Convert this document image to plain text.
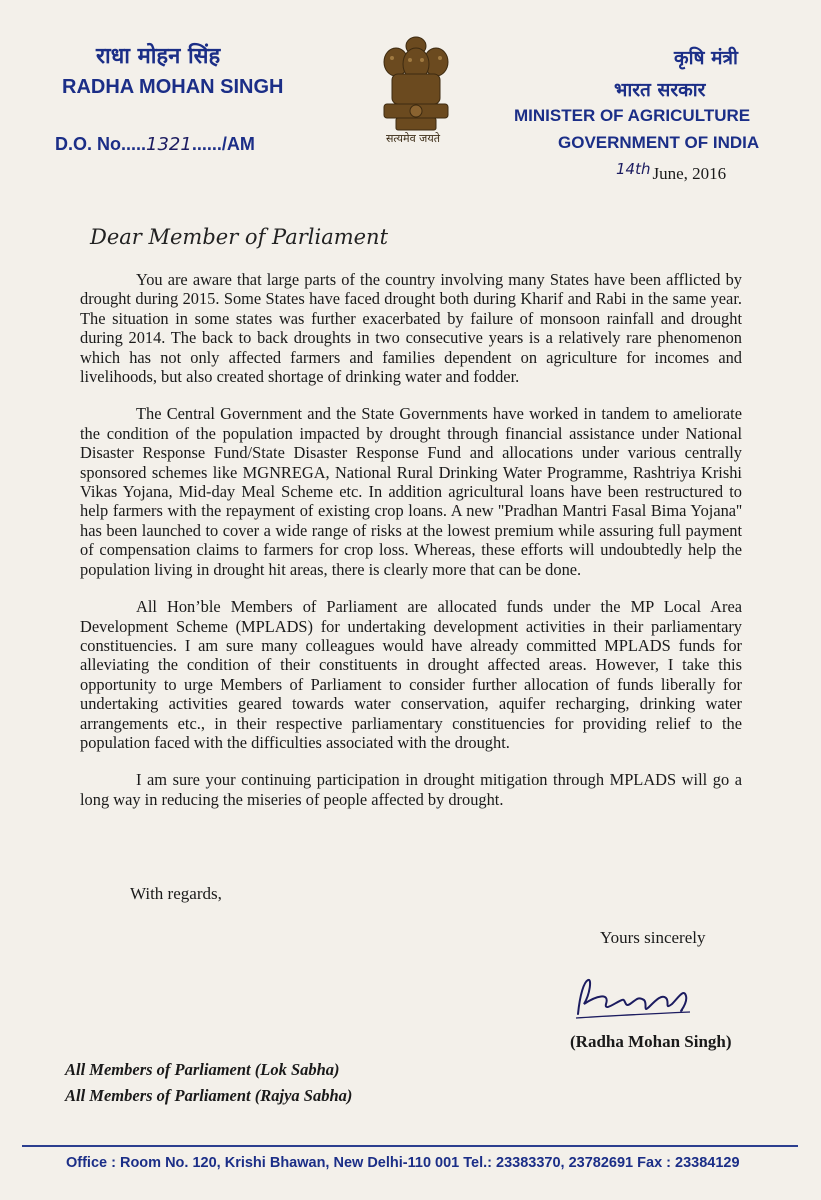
राधा मोहन सिंह
RADHA MOHAN SINGH
D.O. No.....1321....../AM	सत्यमेव जयते
कृषि मंत्री
भारत सरकार
MINISTER OF AGRICULTURE
GOVERNMENT OF INDIA
14th June, 2016
Dear Member of Parliament

You are aware that large parts of the country involving many States have been afflicted by drought during 2015. Some States have faced drought both during Kharif and Rabi in the same year. The situation in some states was further exacerbated by failure of monsoon rainfall and drought during 2014. The back to back droughts in two consecutive years is a relatively rare phenomenon which has not only affected farmers and families dependent on agriculture for incomes and livelihoods, but also created shortage of drinking water and fodder.

The Central Government and the State Governments have worked in tandem to ameliorate the condition of the population impacted by drought through financial assistance under National Disaster Response Fund/State Disaster Response Fund and allocations under various centrally sponsored schemes like MGNREGA, National Rural Drinking Water Programme, Rashtriya Krishi Vikas Yojana, Mid-day Meal Scheme etc. In addition agricultural loans have been restructured to help farmers with the repayment of existing crop loans. A new ''Pradhan Mantri Fasal Bima Yojana'' has been launched to cover a wide range of risks at the lowest premium while assuring full payment of compensation claims to farmers for crop loss. Whereas, these efforts will undoubtedly help the population living in drought hit areas, there is clearly more that can be done.

All Hon’ble Members of Parliament are allocated funds under the MP Local Area Development Scheme (MPLADS) for undertaking development activities in their parliamentary constituencies. I am sure many colleagues would have already committed MPLADS funds for alleviating the condition of their constituents in drought affected areas. However, I take this opportunity to urge Members of Parliament to consider further allocation of funds liberally for undertaking activities geared towards water conservation, aquifer recharging, drinking water arrangements etc., in their respective parliamentary constituencies for providing relief to the population faced with the difficulties associated with the drought.

I am sure your continuing participation in drought mitigation through MPLADS will go a long way in reducing the miseries of people affected by drought.

With regards,
Yours sincerely
(Radha Mohan Singh)
All Members of Parliament (Lok Sabha)
All Members of Parliament (Rajya Sabha)
Office : Room No. 120, Krishi Bhawan, New Delhi-110 001 Tel.: 23383370, 23782691 Fax : 23384129
